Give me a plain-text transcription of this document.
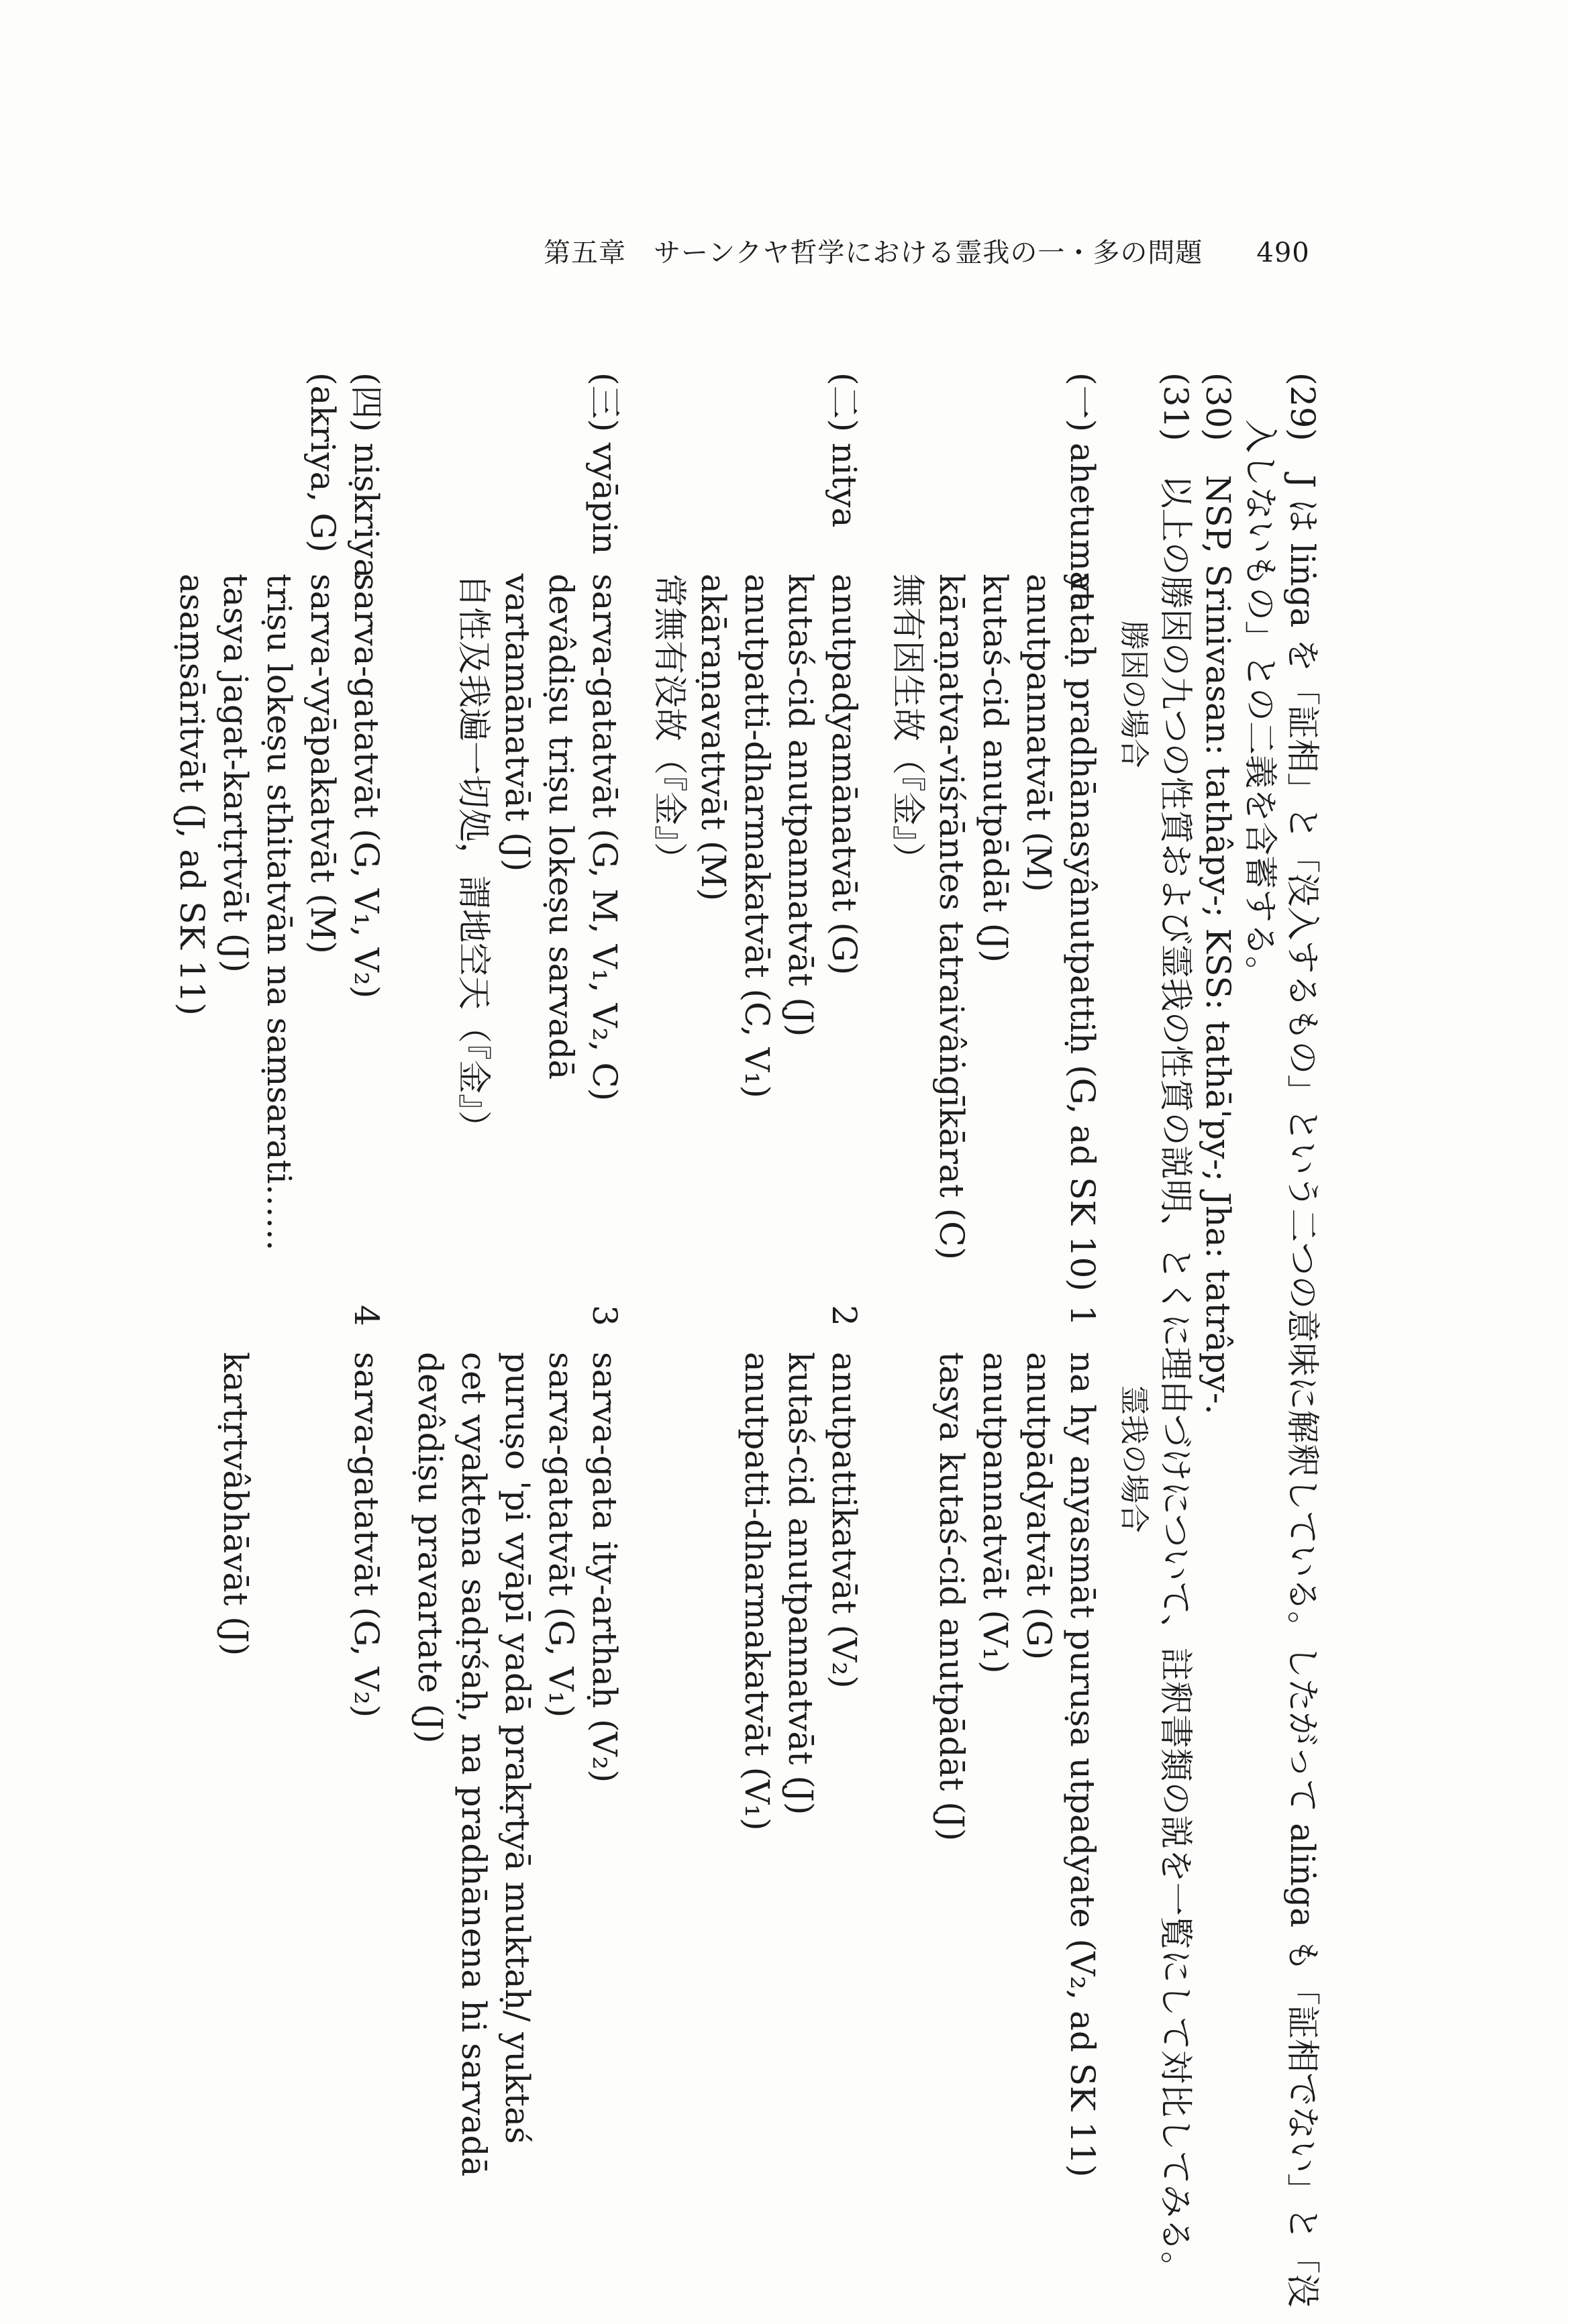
第五章　サーンクヤ哲学における霊我の一・多の問題 490
(29)　J は liṅga を「証相」と「没入するもの」という二つの意味に解釈している。したがって aliṅga も「証相でない」と「没
入しないもの」との二義を含蓄する。
(30)　NSP, Srinivasan: tathâpy-; KSS: tathā'py-; Jha: tatrâpy-.
(31)　以上の勝因の九つの性質および霊我の性質の説明、とくに理由づけについて、註釈書類の説を一覧にして対比してみる。
勝因の場合
霊我の場合
(一) ahetumat
yataḥ pradhānasyânutpattiḥ (G, ad SK 10)
1
na hy anyasmāt puruṣa utpadyate (V₂, ad SK 11)
anutpannatvāt (M)
anutpādyatvāt (G)
kutaś-cid anutpādāt (J)
anutpannatvāt (V₁)
kāraṇatva-viśrāntes tatraivâṅgīkārat (C)
tasya kutaś-cid anutpādāt (J)
無有因生故（『金』）
(二) nitya
anutpadyamānatvāt (G)
2
anutpattikatvāt (V₂)
kutaś-cid anutpannatvāt (J)
kutaś-cid anutpannatvāt (J)
anutpatti-dharmakatvāt (C, V₁)
anutpatti-dharmakatvāt (V₁)
akāraṇavattvāt (M)
常無有没故（『金』）
(三) vyāpin
sarva-gatatvāt (G, M, V₁, V₂, C)
3
sarva-gata ity-arthaḥ (V₂)
devâdiṣu triṣu lokeṣu sarvadā
sarva-gatatvāt (G, V₁)
vartamānatvāt (J)
puruṣo 'pi vyāpī yadā prakṛtyā muktaḥ/ yuktaś
自性及我遍一切処，謂地空天（『金』）
cet vyaktena sadṛśaḥ, na pradhānena hi sarvadā
devâdiṣu pravartate (J)
(四) niṣkriya
sarva-gatatvāt (G, V₁, V₂)
4
sarva-gatatvāt (G, V₂)
(akriya, G)
sarva-vyāpakatvāt (M)
triṣu lokeṣu sthitatvān na saṃsarati……
tasya jagat-kartṛtvāt (J)
kartṛtvâbhāvāt (J)
asaṃsāritvāt (J, ad SK 11)
